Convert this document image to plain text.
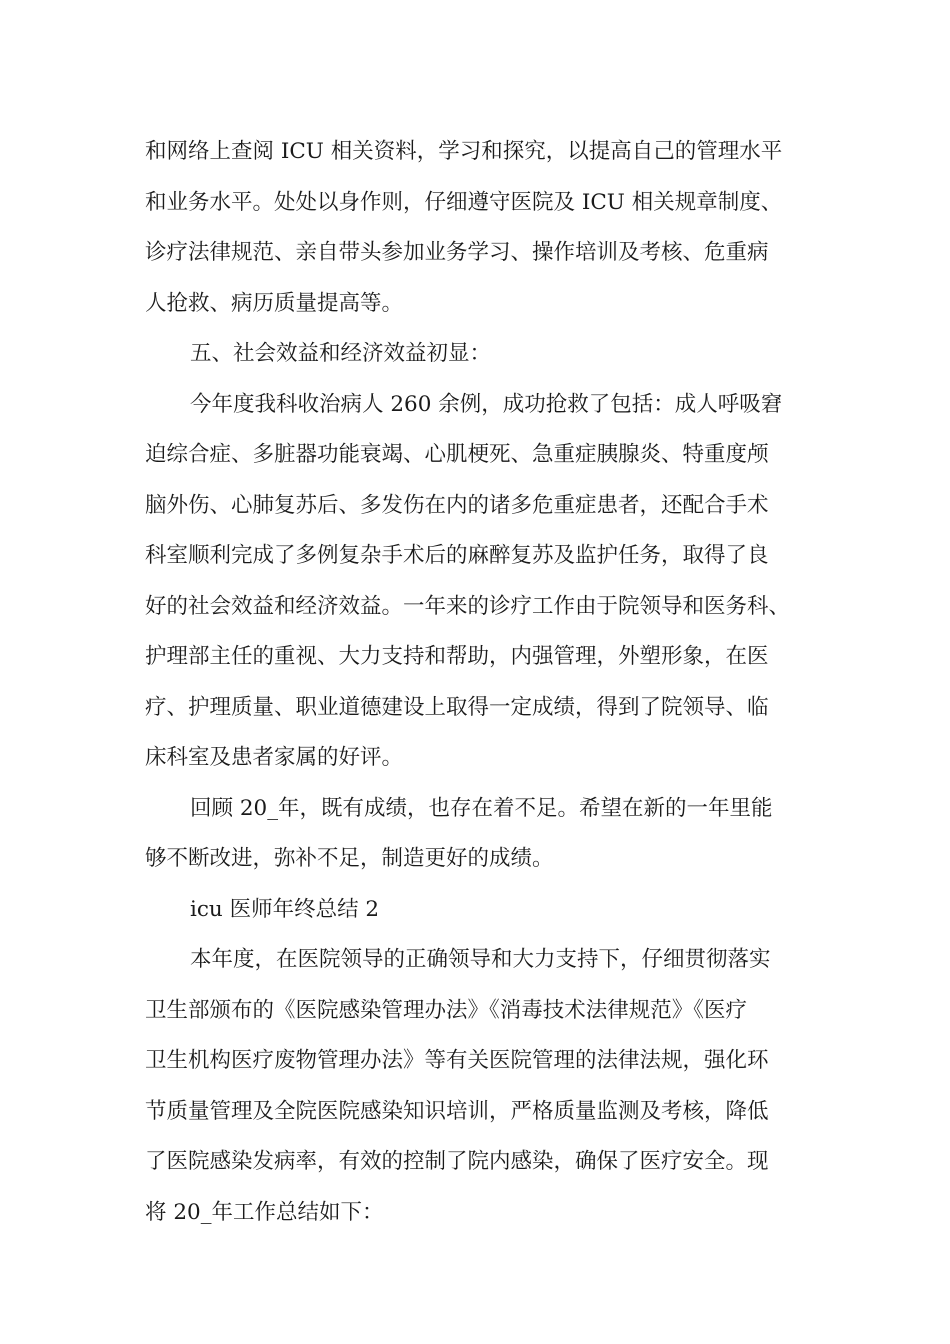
和网络上查阅 ICU 相关资料，学习和探究，以提高自己的管理水平
和业务水平。处处以身作则，仔细遵守医院及 ICU 相关规章制度、
诊疗法律规范、亲自带头参加业务学习、操作培训及考核、危重病
人抢救、病历质量提高等。
五、社会效益和经济效益初显：
今年度我科收治病人 260 余例，成功抢救了包括：成人呼吸窘
迫综合症、多脏器功能衰竭、心肌梗死、急重症胰腺炎、特重度颅
脑外伤、心肺复苏后、多发伤在内的诸多危重症患者，还配合手术
科室顺利完成了多例复杂手术后的麻醉复苏及监护任务，取得了良
好的社会效益和经济效益。一年来的诊疗工作由于院领导和医务科、
护理部主任的重视、大力支持和帮助，内强管理，外塑形象，在医
疗、护理质量、职业道德建设上取得一定成绩，得到了院领导、临
床科室及患者家属的好评。
回顾 20_年，既有成绩，也存在着不足。希望在新的一年里能
够不断改进，弥补不足，制造更好的成绩。
icu 医师年终总结 2
本年度，在医院领导的正确领导和大力支持下，仔细贯彻落实
卫生部颁布的《医院感染管理办法》《消毒技术法律规范》《医疗
卫生机构医疗废物管理办法》等有关医院管理的法律法规，强化环
节质量管理及全院医院感染知识培训，严格质量监测及考核，降低
了医院感染发病率，有效的控制了院内感染，确保了医疗安全。现
将 20_年工作总结如下：
